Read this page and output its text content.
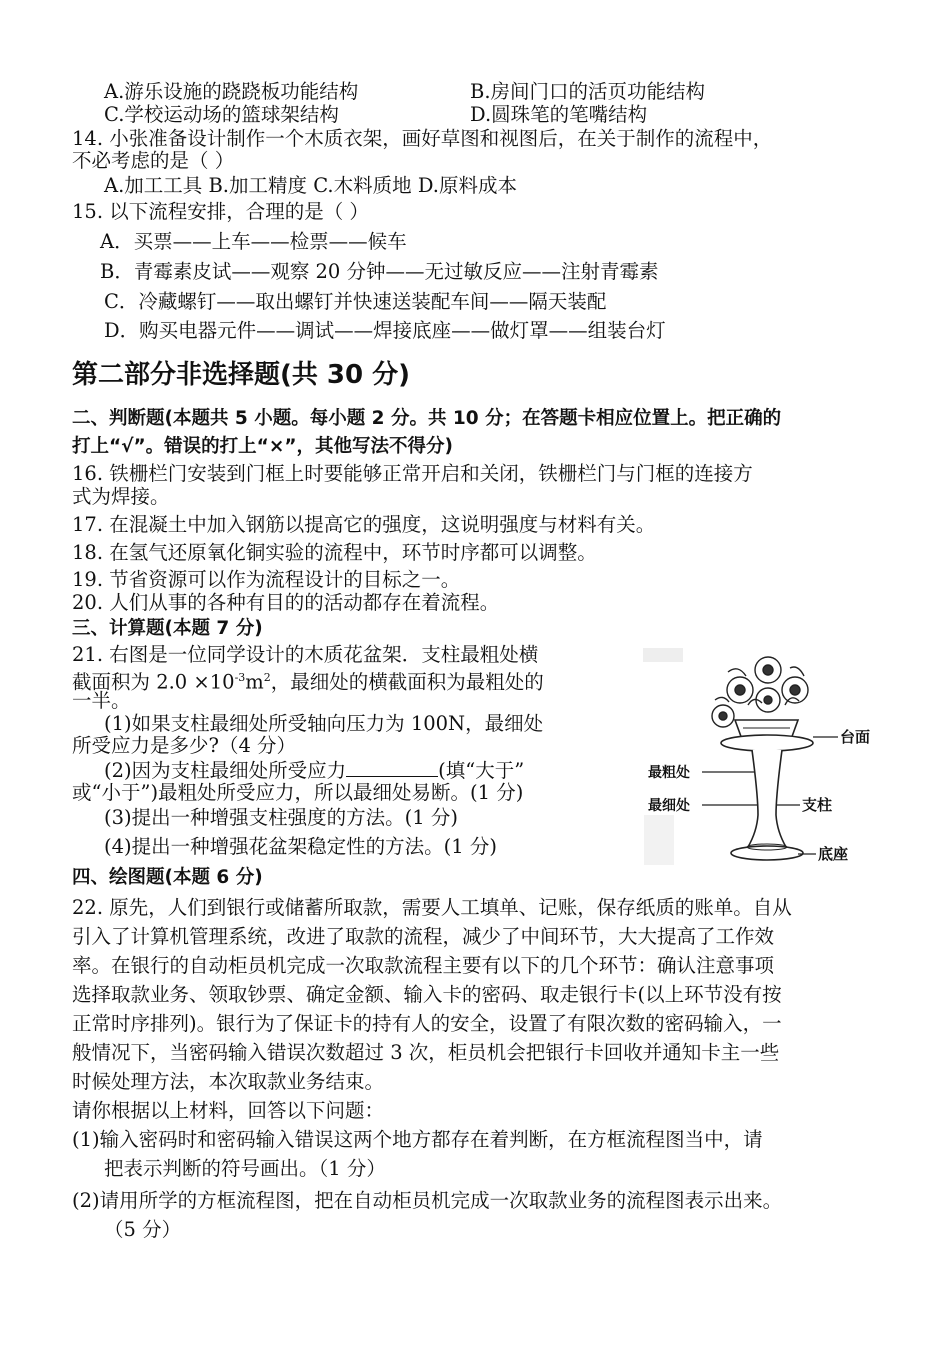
A.游乐设施的跷跷板功能结构	B.房间门口的活页功能结构
C.学校运动场的篮球架结构	D.圆珠笔的笔嘴结构
14. 小张准备设计制作一个木质衣架，画好草图和视图后，在关于制作的流程中，
不必考虑的是（ ）
A.加工工具 B.加工精度 C.木料质地 D.原料成本
15. 以下流程安排，合理的是（ ）
A．买票——上车——检票——候车
B．青霉素皮试——观察 20 分钟——无过敏反应——注射青霉素
C．冷藏螺钉——取出螺钉并快速送装配车间——隔天装配
D．购买电器元件——调试——焊接底座——做灯罩——组装台灯
第二部分非选择题(共 30 分)
二、判断题(本题共 5 小题。每小题 2 分。共 10 分；在答题卡相应位置上。把正确的
打上“√”。错误的打上“×”，其他写法不得分)
16. 铁栅栏门安装到门框上时要能够正常开启和关闭，铁栅栏门与门框的连接方
式为焊接。
17. 在混凝土中加入钢筋以提高它的强度，这说明强度与材料有关。
18. 在氢气还原氧化铜实验的流程中，环节时序都可以调整。
19. 节省资源可以作为流程设计的目标之一。
20. 人们从事的各种有目的的活动都存在着流程。
三、计算题(本题 7 分)
21. 右图是一位同学设计的木质花盆架．支柱最粗处横
截面积为 $2.0 \times 10^{-3}m^2$，最细处的横截面积为最粗处的
一半。
(1)如果支柱最细处所受轴向压力为 100N，最细处
所受应力是多少?（4 分）
(2)因为支柱最细处所受应力	(填“大于”
或“小于”)最粗处所受应力，所以最细处易断。(1 分)
(3)提出一种增强支柱强度的方法。(1 分)
(4)提出一种增强花盆架稳定性的方法。(1 分)
台面
最粗处
最细处	支柱
底座
四、绘图题(本题 6 分)
22. 原先，人们到银行或储蓄所取款，需要人工填单、记账，保存纸质的账单。自从
引入了计算机管理系统，改进了取款的流程，减少了中间环节，大大提高了工作效
率。在银行的自动柜员机完成一次取款流程主要有以下的几个环节：确认注意事项
选择取款业务、领取钞票、确定金额、输入卡的密码、取走银行卡(以上环节没有按
正常时序排列)。银行为了保证卡的持有人的安全，设置了有限次数的密码输入，一
般情况下，当密码输入错误次数超过 3 次，柜员机会把银行卡回收并通知卡主一些
时候处理方法，本次取款业务结束。
请你根据以上材料，回答以下问题：
(1)输入密码时和密码输入错误这两个地方都存在着判断，在方框流程图当中，请
把表示判断的符号画出。（1 分）
(2)请用所学的方框流程图，把在自动柜员机完成一次取款业务的流程图表示出来。
（5 分）
